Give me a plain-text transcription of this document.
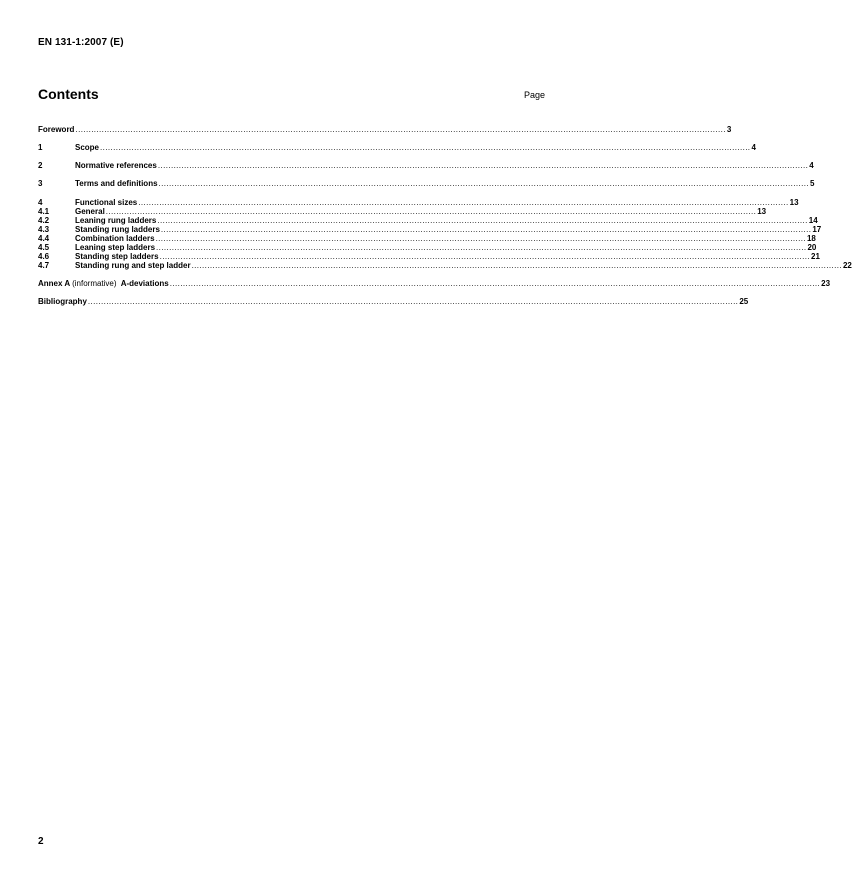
EN 131-1:2007 (E)
Contents	Page
Foreword ........................................................................................................................................................................................................................................................ 3
1	Scope ........................................................................................................................................................................................................................................................ 4
2	Normative references ........................................................................................................................................................................................................................................................ 4
3	Terms and definitions ........................................................................................................................................................................................................................................................ 5
4	Functional sizes ........................................................................................................................................................................................................................................................ 13
4.1	General ........................................................................................................................................................................................................................................................ 13
4.2	Leaning rung ladders ........................................................................................................................................................................................................................................................ 14
4.3	Standing rung ladders ........................................................................................................................................................................................................................................................ 17
4.4	Combination ladders ........................................................................................................................................................................................................................................................ 18
4.5	Leaning step ladders ........................................................................................................................................................................................................................................................ 20
4.6	Standing step ladders ........................................................................................................................................................................................................................................................ 21
4.7	Standing rung and step ladder ........................................................................................................................................................................................................................................................ 22
Annex A (informative) A-deviations ........................................................................................................................................................................................................................................................ 23
Bibliography ........................................................................................................................................................................................................................................................ 25
2
